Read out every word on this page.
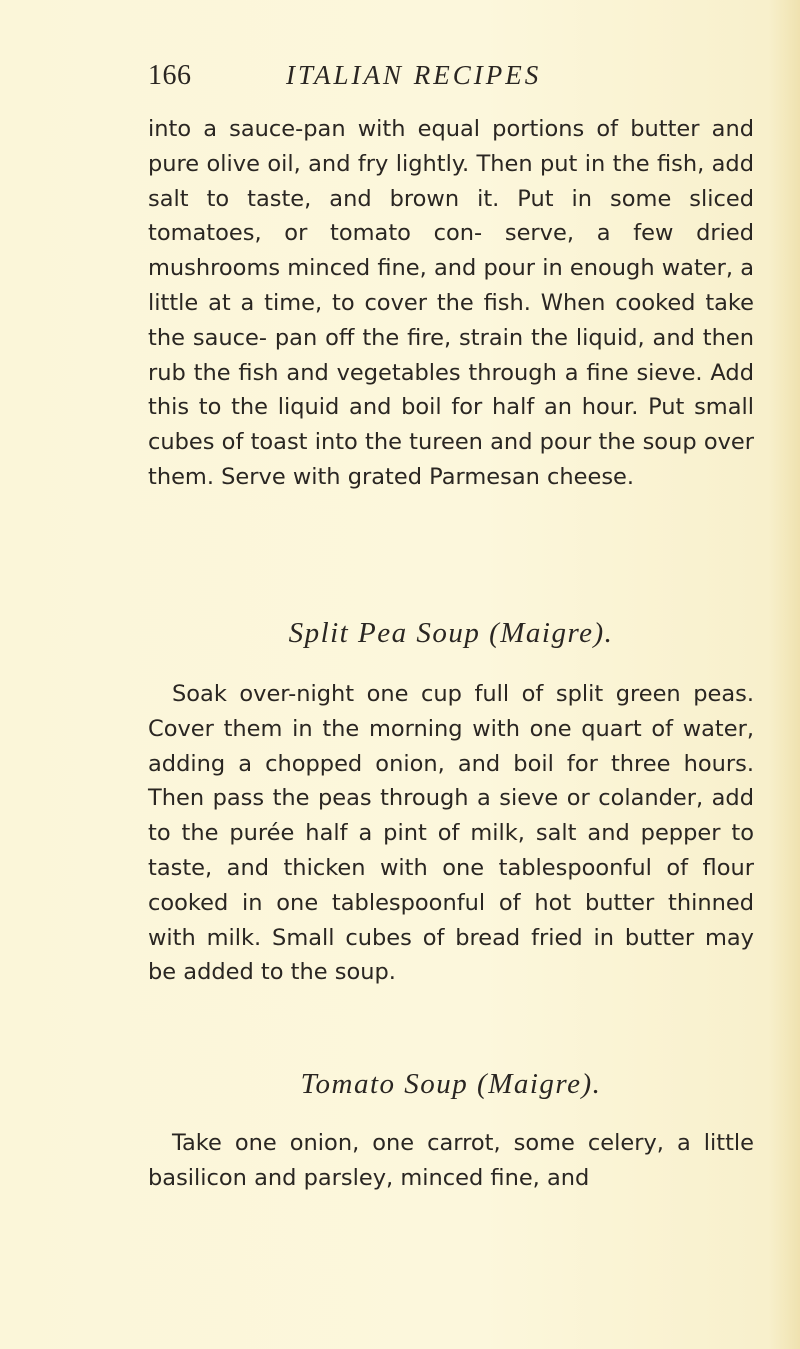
166	ITALIAN RECIPES

into a sauce-pan with equal portions of butter and pure olive oil, and fry lightly. Then put in the fish, add salt to taste, and brown it. Put in some sliced tomatoes, or tomato con- serve, a few dried mushrooms minced fine, and pour in enough water, a little at a time, to cover the fish. When cooked take the sauce- pan off the fire, strain the liquid, and then rub the fish and vegetables through a fine sieve. Add this to the liquid and boil for half an hour. Put small cubes of toast into the tureen and pour the soup over them. Serve with grated Parmesan cheese.

Split Pea Soup (Maigre).

Soak over-night one cup full of split green peas. Cover them in the morning with one quart of water, adding a chopped onion, and boil for three hours. Then pass the peas through a sieve or colander, add to the purée half a pint of milk, salt and pepper to taste, and thicken with one tablespoonful of flour cooked in one tablespoonful of hot butter thinned with milk. Small cubes of bread fried in butter may be added to the soup.

Tomato Soup (Maigre).

Take one onion, one carrot, some celery, a little basilicon and parsley, minced fine, and
